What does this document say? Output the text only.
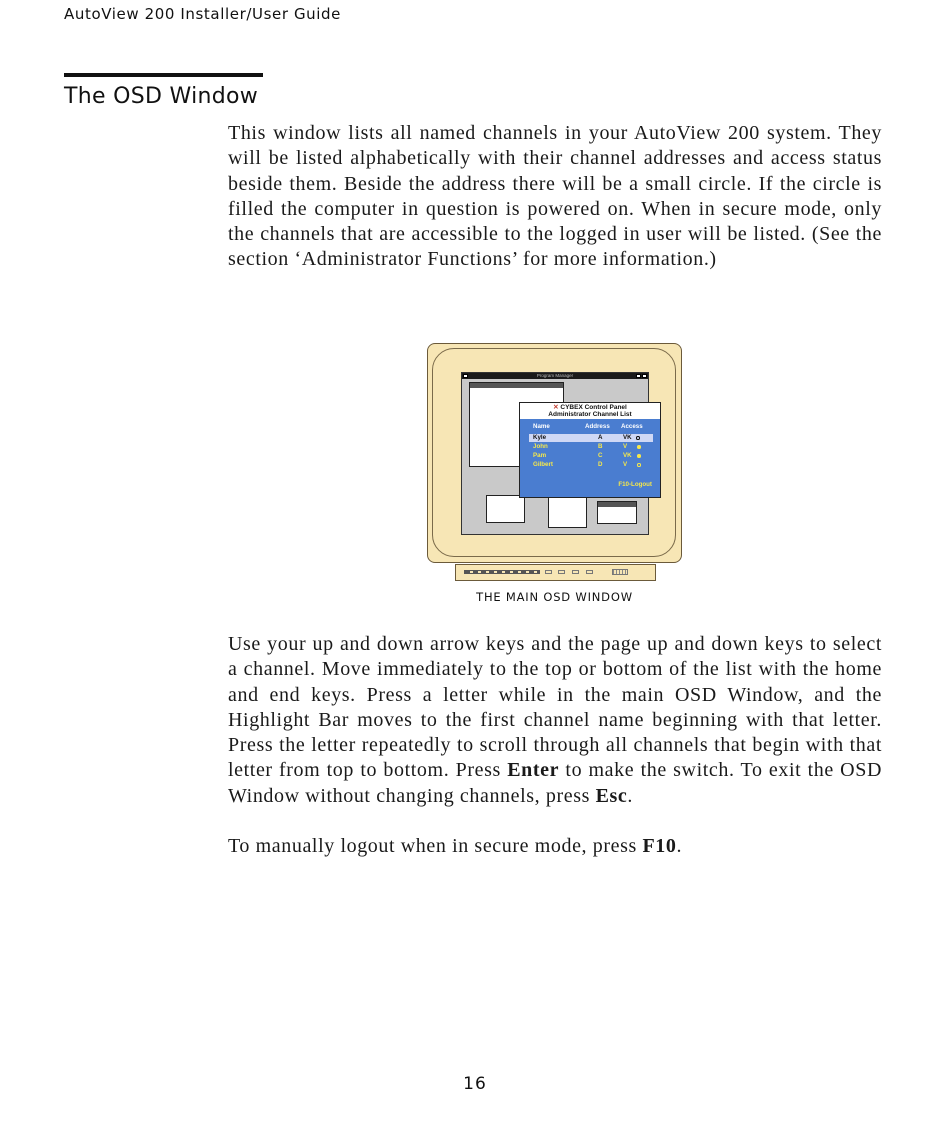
AutoView 200 Installer/User Guide
The OSD Window

This window lists all named channels in your AutoView 200 system. They will be listed alphabetically with their channel addresses and access status beside them. Beside the address there will be a small circle. If the circle is filled the computer in question is powered on. When in secure mode, only the channels that are accessible to the logged in user will be listed. (See the section ‘Administrator Functions’ for more information.)

Program Manager
✕ CYBEX Control Panel
Administrator Channel List
Name	Address Access
Kyle	A	VK
John	B	V
Pam	C	VK
Gilbert	D	V
F10-Logout
THE MAIN OSD WINDOW

Use your up and down arrow keys and the page up and down keys to select a channel. Move immediately to the top or bottom of the list with the home and end keys. Press a letter while in the main OSD Window, and the Highlight Bar moves to the first channel name beginning with that letter. Press the letter repeatedly to scroll through all channels that begin with that letter from top to bottom. Press Enter to make the switch. To exit the OSD Window without changing channels, press Esc.

To manually logout when in secure mode, press F10.

16
